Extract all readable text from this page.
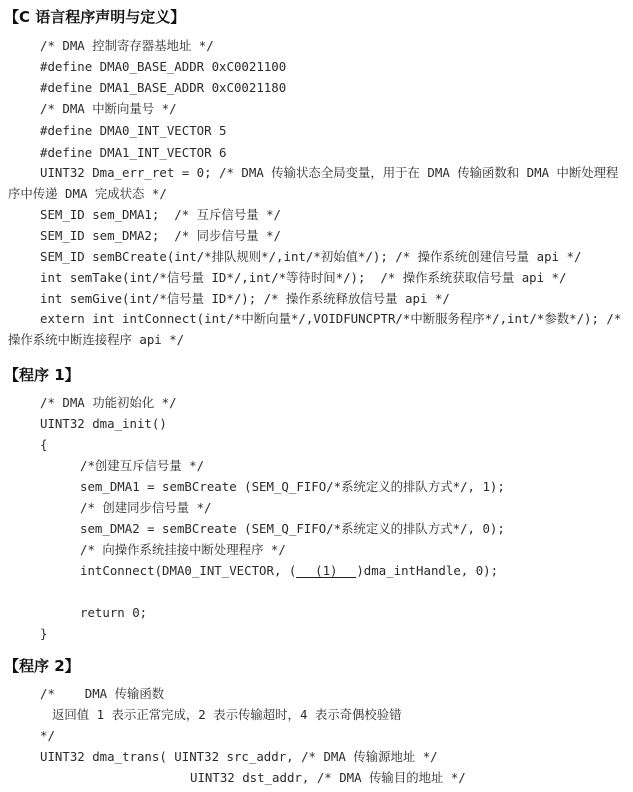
【C 语言程序声明与定义】
/* DMA 控制寄存器基地址 */
#define DMA0_BASE_ADDR 0xC0021100
#define DMA1_BASE_ADDR 0xC0021180
/* DMA 中断向量号 */
#define DMA0_INT_VECTOR 5
#define DMA1_INT_VECTOR 6
UINT32 Dma_err_ret = 0; /* DMA 传输状态全局变量，用于在 DMA 传输函数和 DMA 中断处理程序中传递 DMA 完成状态 */
SEM_ID sem_DMA1;  /* 互斥信号量 */
SEM_ID sem_DMA2;  /* 同步信号量 */
SEM_ID semBCreate(int/*排队规则*/,int/*初始值*/); /* 操作系统创建信号量 api */
int semTake(int/*信号量 ID*/,int/*等待时间*/);  /* 操作系统获取信号量 api */
int semGive(int/*信号量 ID*/); /* 操作系统释放信号量 api */
extern int intConnect(int/*中断向量*/,VOIDFUNCPTR/*中断服务程序*/,int/*参数*/); /* 操作系统中断连接程序 api */
【程序 1】
/* DMA 功能初始化 */
UINT32 dma_init()
{
/*创建互斥信号量 */
sem_DMA1 = semBCreate (SEM_Q_FIFO/*系统定义的排队方式*/, 1);
/* 创建同步信号量 */
sem_DMA2 = semBCreate (SEM_Q_FIFO/*系统定义的排队方式*/, 0);
/* 向操作系统挂接中断处理程序 */
intConnect(DMA0_INT_VECTOR, ( (1) )dma_intHandle, 0);
return 0;
}
【程序 2】
/*    DMA 传输函数
返回值 1 表示正常完成，2 表示传输超时，4 表示奇偶校验错
*/
UINT32 dma_trans( UINT32 src_addr, /* DMA 传输源地址 */
UINT32 dst_addr, /* DMA 传输目的地址 */
